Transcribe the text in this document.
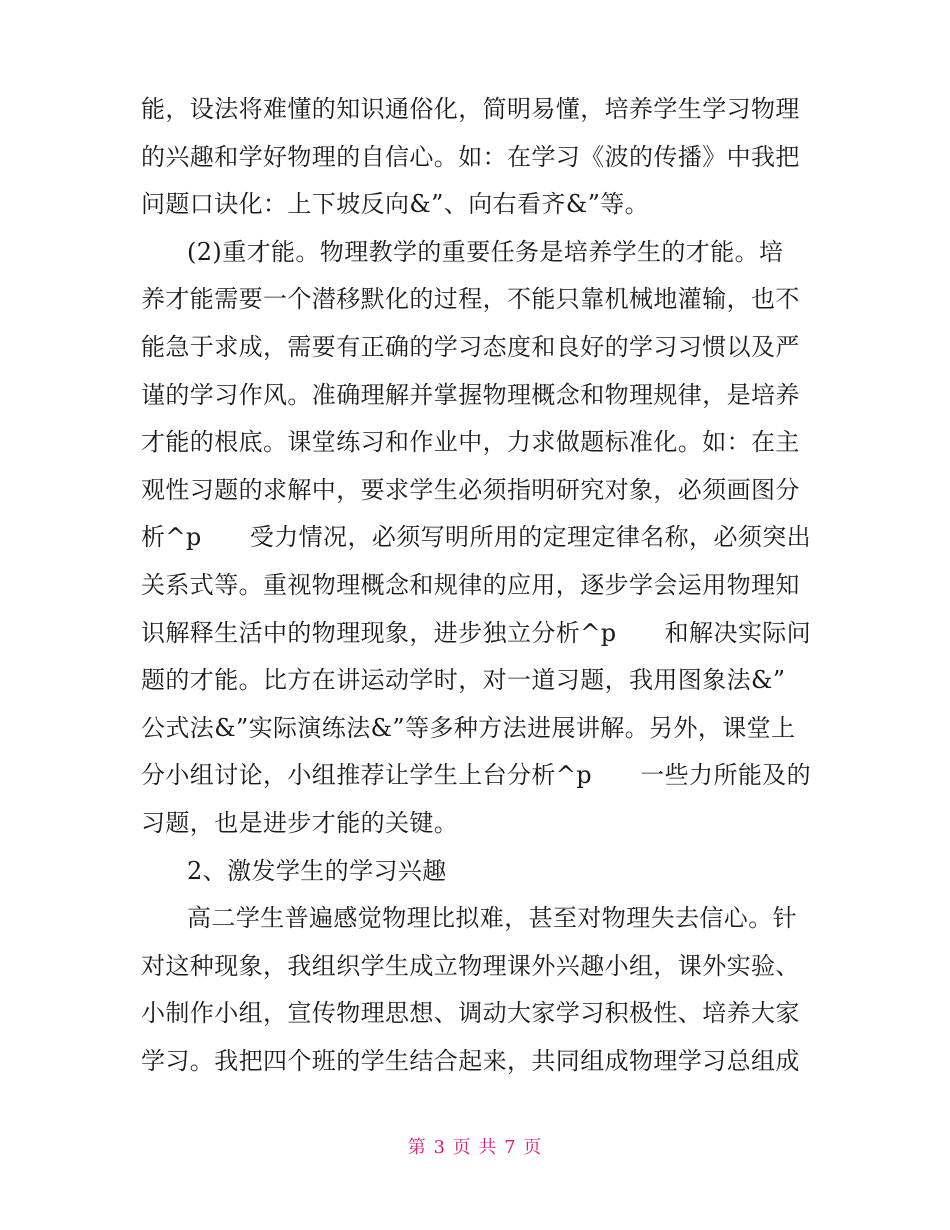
能，设法将难懂的知识通俗化，简明易懂，培养学生学习物理
的兴趣和学好物理的自信心。如：在学习《波的传播》中我把
问题口诀化：上下坡反向&”、向右看齐&”等。
(2)重才能。物理教学的重要任务是培养学生的才能。培
养才能需要一个潜移默化的过程，不能只靠机械地灌输，也不
能急于求成，需要有正确的学习态度和良好的学习习惯以及严
谨的学习作风。准确理解并掌握物理概念和物理规律，是培养
才能的根底。课堂练习和作业中，力求做题标准化。如：在主
观性习题的求解中，要求学生必须指明研究对象，必须画图分
析^p      受力情况，必须写明所用的定理定律名称，必须突出
关系式等。重视物理概念和规律的应用，逐步学会运用物理知
识解释生活中的物理现象，进步独立分析^p      和解决实际问
题的才能。比方在讲运动学时，对一道习题，我用图象法&”
公式法&”实际演练法&”等多种方法进展讲解。另外，课堂上
分小组讨论，小组推荐让学生上台分析^p      一些力所能及的
习题，也是进步才能的关键。
2、激发学生的学习兴趣
高二学生普遍感觉物理比拟难，甚至对物理失去信心。针
对这种现象，我组织学生成立物理课外兴趣小组，课外实验、
小制作小组，宣传物理思想、调动大家学习积极性、培养大家
学习。我把四个班的学生结合起来，共同组成物理学习总组成
第 3 页 共 7 页
